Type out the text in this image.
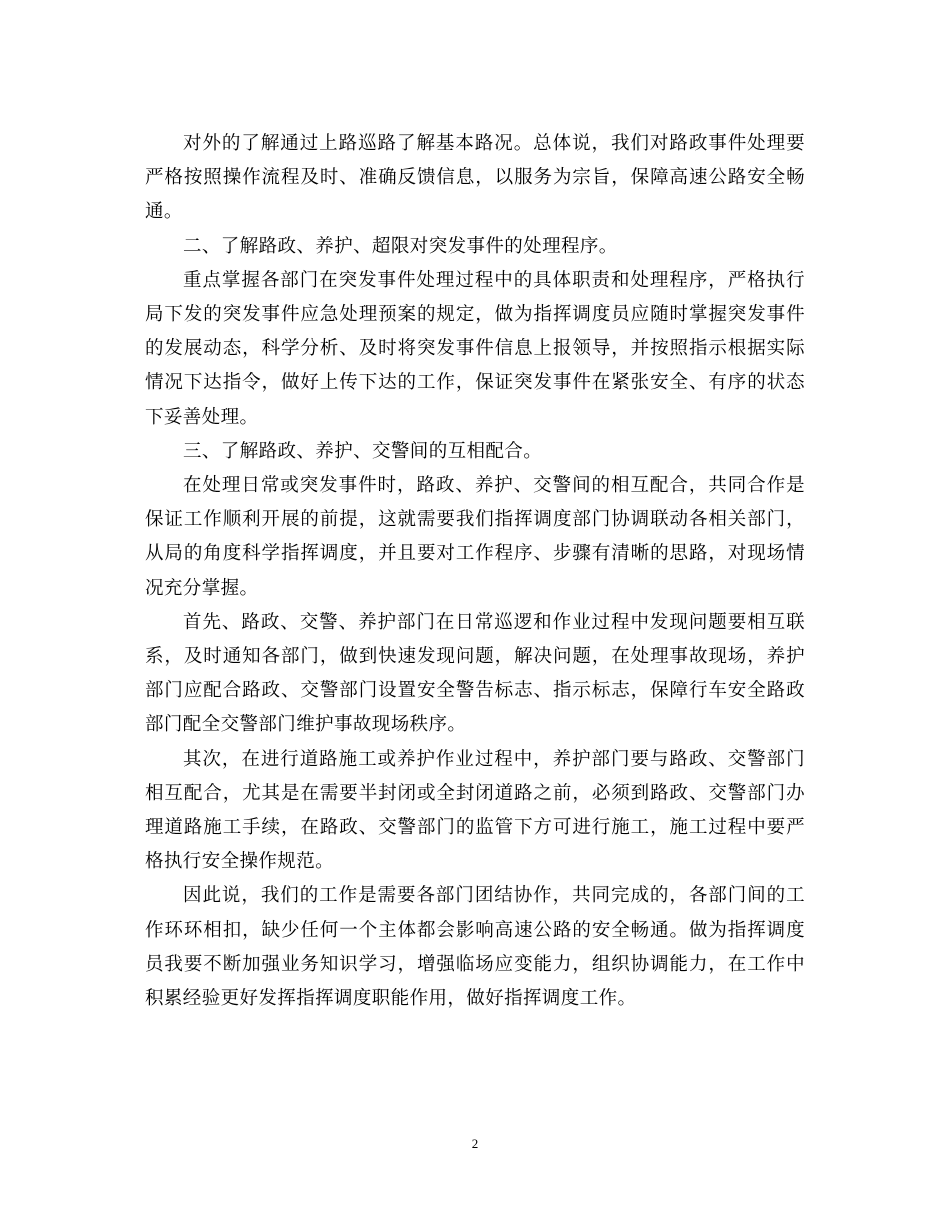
对外的了解通过上路巡路了解基本路况。总体说，我们对路政事件处理要严格按照操作流程及时、准确反馈信息，以服务为宗旨，保障高速公路安全畅通。

二、了解路政、养护、超限对突发事件的处理程序。

重点掌握各部门在突发事件处理过程中的具体职责和处理程序，严格执行局下发的突发事件应急处理预案的规定，做为指挥调度员应随时掌握突发事件的发展动态，科学分析、及时将突发事件信息上报领导，并按照指示根据实际情况下达指令，做好上传下达的工作，保证突发事件在紧张安全、有序的状态下妥善处理。

三、了解路政、养护、交警间的互相配合。

在处理日常或突发事件时，路政、养护、交警间的相互配合，共同合作是保证工作顺利开展的前提，这就需要我们指挥调度部门协调联动各相关部门，从局的角度科学指挥调度，并且要对工作程序、步骤有清晰的思路，对现场情况充分掌握。

首先、路政、交警、养护部门在日常巡逻和作业过程中发现问题要相互联系，及时通知各部门，做到快速发现问题，解决问题，在处理事故现场，养护部门应配合路政、交警部门设置安全警告标志、指示标志，保障行车安全路政部门配全交警部门维护事故现场秩序。

其次，在进行道路施工或养护作业过程中，养护部门要与路政、交警部门相互配合，尤其是在需要半封闭或全封闭道路之前，必须到路政、交警部门办理道路施工手续，在路政、交警部门的监管下方可进行施工，施工过程中要严格执行安全操作规范。

因此说，我们的工作是需要各部门团结协作，共同完成的，各部门间的工作环环相扣，缺少任何一个主体都会影响高速公路的安全畅通。做为指挥调度员我要不断加强业务知识学习，增强临场应变能力，组织协调能力，在工作中积累经验更好发挥指挥调度职能作用，做好指挥调度工作。

2
